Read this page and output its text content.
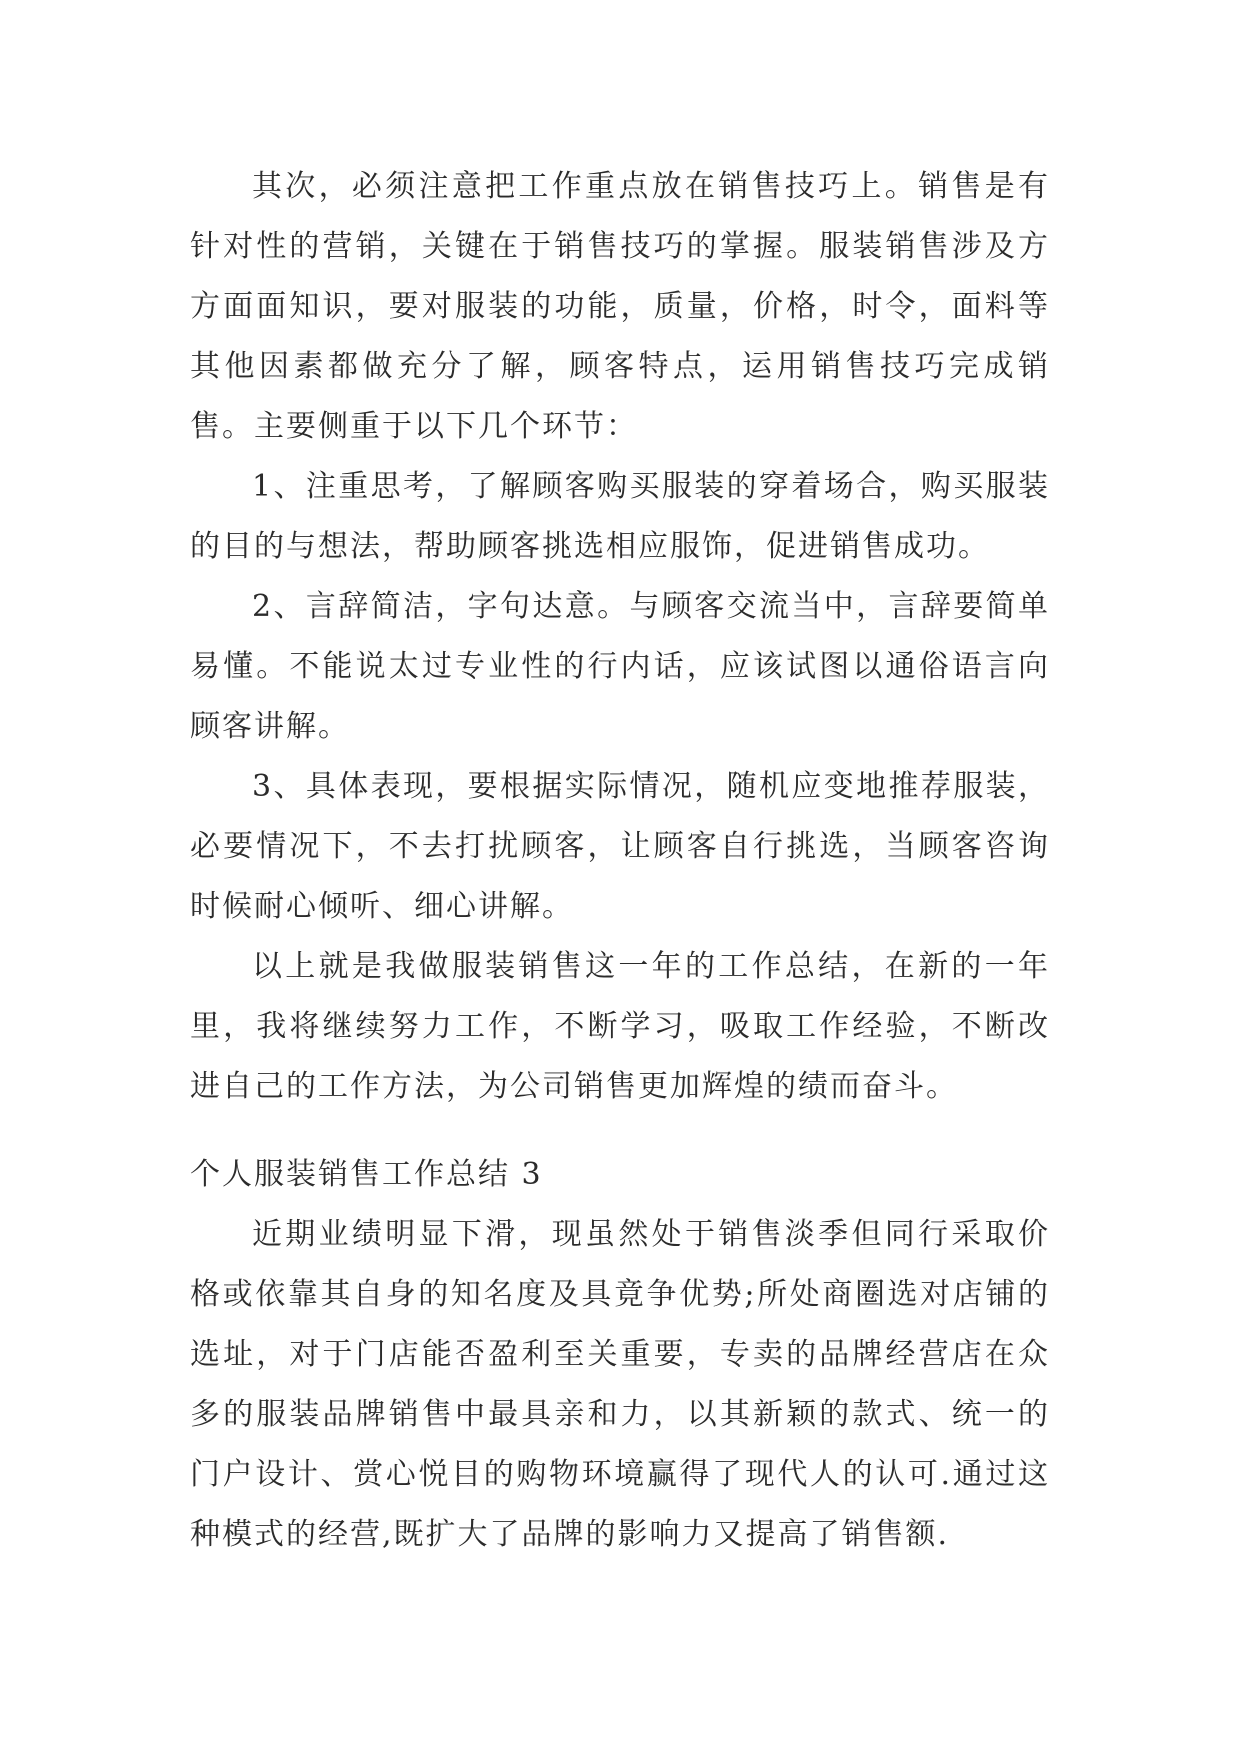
其次，必须注意把工作重点放在销售技巧上。销售是有针对性的营销，关键在于销售技巧的掌握。服装销售涉及方方面面知识，要对服装的功能，质量，价格，时令，面料等其他因素都做充分了解，顾客特点，运用销售技巧完成销售。主要侧重于以下几个环节：

1、注重思考，了解顾客购买服装的穿着场合，购买服装的目的与想法，帮助顾客挑选相应服饰，促进销售成功。

2、言辞简洁，字句达意。与顾客交流当中，言辞要简单易懂。不能说太过专业性的行内话，应该试图以通俗语言向顾客讲解。

3、具体表现，要根据实际情况，随机应变地推荐服装，必要情况下，不去打扰顾客，让顾客自行挑选，当顾客咨询时候耐心倾听、细心讲解。

以上就是我做服装销售这一年的工作总结，在新的一年里，我将继续努力工作，不断学习，吸取工作经验，不断改进自己的工作方法，为公司销售更加辉煌的绩而奋斗。

个人服装销售工作总结 3

近期业绩明显下滑，现虽然处于销售淡季但同行采取价格或依靠其自身的知名度及具竟争优势;所处商圈选对店铺的选址，对于门店能否盈利至关重要，专卖的品牌经营店在众多的服装品牌销售中最具亲和力，以其新颖的款式、统一的门户设计、赏心悦目的购物环境赢得了现代人的认可.通过这种模式的经营,既扩大了品牌的影响力又提高了销售额.
